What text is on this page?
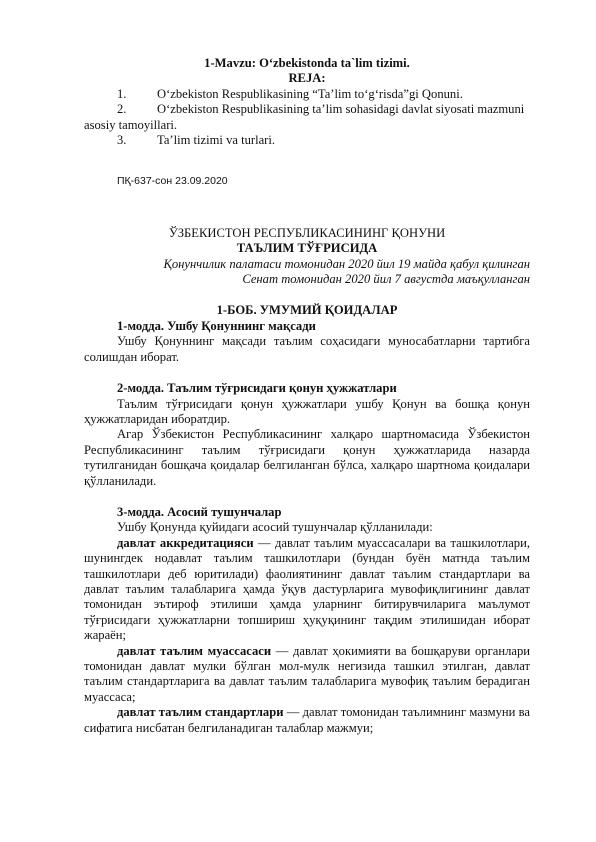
1-Mavzu: O‘zbekistonda ta`lim tizimi.

REJA:

1.	O‘zbekiston Respublikasining “Ta’lim to‘g‘risda”gi Qonuni.
2.	O‘zbekiston Respublikasining ta’lim sohasidagi davlat siyosati mazmuni

asosiy tamoyillari.

3.	Ta’lim tizimi va turlari.

ПҚ-637-сон 23.09.2020

ЎЗБЕКИСТОН РЕСПУБЛИКАСИНИНГ ҚОНУНИ

ТАЪЛИМ ТЎҒРИСИДА

Қонунчилик палатаси томонидан 2020 йил 19 майда қабул қилинган

Сенат томонидан 2020 йил 7 августда маъқулланган

1-БОБ. УМУМИЙ ҚОИДАЛАР

1-модда. Ушбу Қонуннинг мақсади

Ушбу Қонуннинг мақсади таълим соҳасидаги муносабатларни тартибга солишдан иборат.

2-модда. Таълим тўғрисидаги қонун ҳужжатлари

Таълим тўғрисидаги қонун ҳужжатлари ушбу Қонун ва бошқа қонун ҳужжатларидан иборатдир.

Агар Ўзбекистон Республикасининг халқаро шартномасида Ўзбекистон Республикасининг таълим тўғрисидаги қонун ҳужжатларида назарда тутилганидан бошқача қоидалар белгиланган бўлса, халқаро шартнома қоидалари қўлланилади.

3-модда. Асосий тушунчалар

Ушбу Қонунда қуйидаги асосий тушунчалар қўлланилади:

давлат аккредитацияси — давлат таълим муассасалари ва ташкилотлари, шунингдек нодавлат таълим ташкилотлари (бундан буён матнда таълим ташкилотлари деб юритилади) фаолиятининг давлат таълим стандартлари ва давлат таълим талабларига ҳамда ўқув дастурларига мувофиқлигининг давлат томонидан эътироф этилиши ҳамда уларнинг битирувчиларига маълумот тўғрисидаги ҳужжатларни топшириш ҳуқуқининг тақдим этилишидан иборат жараён;

давлат таълим муассасаси — давлат ҳокимияти ва бошқаруви органлари томонидан давлат мулки бўлган мол-мулк негизида ташкил этилган, давлат таълим стандартларига ва давлат таълим талабларига мувофиқ таълим берадиган муассаса;

давлат таълим стандартлари — давлат томонидан таълимнинг мазмуни ва сифатига нисбатан белгиланадиган талаблар мажмуи;
